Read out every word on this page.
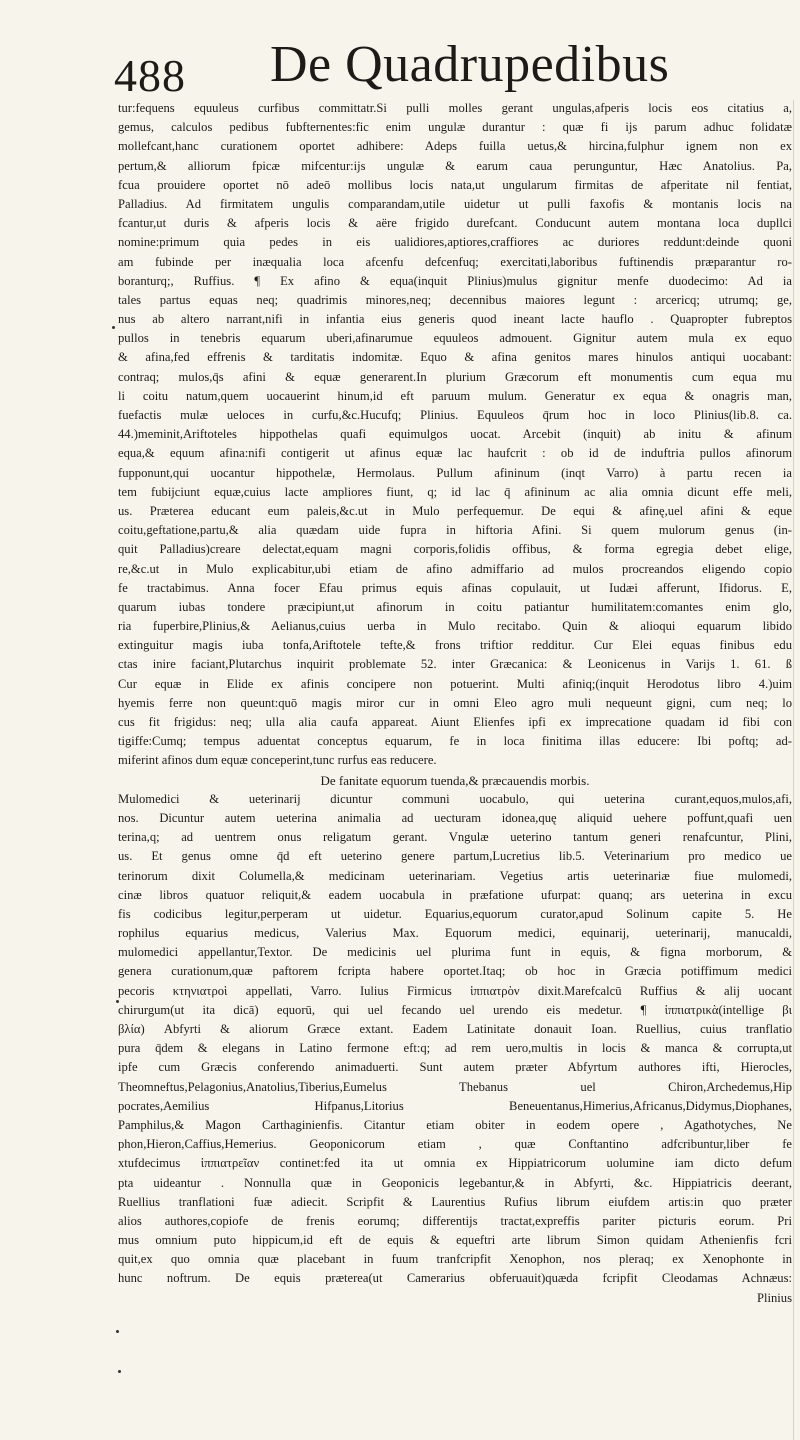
488 De Quadrupedibus
tur:fequens equuleus curfibus committatr.Si pulli molles gerant ungulas,afperis locis eos citatius a,
gemus, calculos pedibus fubfternentes:fic enim ungulæ durantur : quæ fi ijs parum adhuc folidatæ
mollefcant,hanc curationem oportet adhibere: Adeps fuilla uetus,& hircina,fulphur ignem non ex
pertum,& alliorum fpicæ mifcentur:ijs ungulæ & earum caua perunguntur, Hæc Anatolius. Pa,
fcua prouidere oportet nō adeō mollibus locis nata,ut ungularum firmitas de afperitate nil fentiat,
Palladius. Ad firmitatem ungulis comparandam,utile uidetur ut pulli faxofis & montanis locis na
fcantur,ut duris & afperis locis & aëre frigido durefcant. Conducunt autem montana loca dupllci
nomine:primum quia pedes in eis ualidiores,aptiores,craffiores ac duriores reddunt:deinde quoni
am fubinde per inæqualia loca afcenfu defcenfuq; exercitati,laboribus fuftinendis præparantur ro-
boranturq;, Ruffius. ¶ Ex afino & equa(inquit Plinius)mulus gignitur menfe duodecimo: Ad ia
tales partus equas neq; quadrimis minores,neq; decennibus maiores legunt : arcericq; utrumq; ge,
nus ab altero narrant,nifi in infantia eius generis quod ineant lacte hauflo . Quapropter fubreptos
pullos in tenebris equarum uberi,afinarumue equuleos admouent. Gignitur autem mula ex equo
& afina,fed effrenis & tarditatis indomitæ. Equo & afina genitos mares hinulos antiqui uocabant:
contraq; mulos,q̄s afini & equæ generarent.In plurium Græcorum eft monumentis cum equa mu
li coitu natum,quem uocauerint hinum,id eft paruum mulum. Generatur ex equa & onagris man,
fuefactis mulæ ueloces in curfu,&c.Hucufq; Plinius. Equuleos q̄rum hoc in loco Plinius(lib.8. ca.
44.)meminit,Ariftoteles hippothelas quafi equimulgos uocat. Arcebit (inquit) ab initu & afinum
equa,& equum afina:nifi contigerit ut afinus equæ lac haufcrit : ob id de induftria pullos afinorum
fupponunt,qui uocantur hippothelæ, Hermolaus. Pullum afininum (inqt Varro) à partu recen ia
tem fubijciunt equæ,cuius lacte ampliores fiunt, q; id lac q̄ afininum ac alia omnia dicunt effe meli,
us. Præterea educant eum paleis,&c.ut in Mulo perfequemur. De equi & afinę,uel afini & eque
coitu,geftatione,partu,& alia quædam uide fupra in hiftoria Afini. Si quem mulorum genus (in-
quit Palladius)creare delectat,equam magni corporis,folidis offibus, & forma egregia debet elige,
re,&c.ut in Mulo explicabitur,ubi etiam de afino admiffario ad mulos procreandos eligendo copio
fe tractabimus. Anna focer Efau primus equis afinas copulauit, ut Iudæi afferunt, Ifidorus. E,
quarum iubas tondere præcipiunt,ut afinorum in coitu patiantur humilitatem:comantes enim glo,
ria fuperbire,Plinius,& Aelianus,cuius uerba in Mulo recitabo. Quin & alioqui equarum libido
extinguitur magis iuba tonfa,Ariftotele tefte,& frons triftior redditur. Cur Elei equas finibus edu
ctas inire faciant,Plutarchus inquirit problemate 52. inter Græcanica: & Leonicenus in Varijs 1. 61. ß
Cur equæ in Elide ex afinis concipere non potuerint. Multi afiniq;(inquit Herodotus libro 4.)uim
hyemis ferre non queunt:quō magis miror cur in omni Eleo agro muli nequeunt gigni, cum neq; lo
cus fit frigidus: neq; ulla alia caufa appareat. Aiunt Elienfes ipfi ex imprecatione quadam id fibi con
tigiffe:Cumq; tempus aduentat conceptus equarum, fe in loca finitima illas educere: Ibi poftq; ad-
miferint afinos dum equæ conceperint,tunc rurfus eas reducere.
De fanitate equorum tuenda,& præcauendis morbis.
Mulomedici & ueterinarij dicuntur communi uocabulo, qui ueterina curant,equos,mulos,afi,
nos. Dicuntur autem ueterina animalia ad uecturam idonea,quę aliquid uehere poffunt,quafi uen
terina,q; ad uentrem onus religatum gerant. Vngulæ ueterino tantum generi renafcuntur, Plini,
us. Et genus omne q̄d eft ueterino genere partum,Lucretius lib.5. Veterinarium pro medico ue
terinorum dixit Columella,& medicinam ueterinariam. Vegetius artis ueterinariæ fiue mulomedi,
cinæ libros quatuor reliquit,& eadem uocabula in præfatione ufurpat: quanq; ars ueterina in excu
fis codicibus legitur,perperam ut uidetur. Equarius,equorum curator,apud Solinum capite 5. He
rophilus equarius medicus, Valerius Max. Equorum medici, equinarij, ueterinarij, manucaldi,
mulomedici appellantur,Textor. De medicinis uel plurima funt in equis, & figna morborum, &
genera curationum,quæ paftorem fcripta habere oportet.Itaq; ob hoc in Græcia potiffimum medici
pecoris κτηνιατροὶ appellati, Varro. Iulius Firmicus ἱππιατρὸν dixit.Marefcalcū Ruffius & alij uocant
chirurgum(ut ita dicā) equorū, qui uel fecando uel urendo eis medetur. ¶ ἱππιατρικὰ(intellige βι
βλία) Abfyrti & aliorum Græce extant. Eadem Latinitate donauit Ioan. Ruellius, cuius tranflatio
pura q̄dem & elegans in Latino fermone eft:q; ad rem uero,multis in locis & manca & corrupta,ut
ipfe cum Græcis conferendo animaduerti. Sunt autem præter Abfyrtum authores ifti, Hierocles,
Theomneftus,Pelagonius,Anatolius,Tiberius,Eumelus Thebanus uel Chiron,Archedemus,Hip
pocrates,Aemilius Hifpanus,Litorius Beneuentanus,Himerius,Africanus,Didymus,Diophanes,
Pamphilus,& Magon Carthaginienfis. Citantur etiam obiter in eodem opere , Agathotyches, Ne
phon,Hieron,Caffius,Hemerius. Geoponicorum etiam , quæ Conftantino adfcribuntur,liber fe
xtufdecimus ἱππιατρεῖαν continet:fed ita ut omnia ex Hippiatricorum uolumine iam dicto defum
pta uideantur . Nonnulla quæ in Geoponicis legebantur,& in Abfyrti, &c. Hippiatricis deerant,
Ruellius tranflationi fuæ adiecit. Scripfit & Laurentius Rufius librum eiufdem artis:in quo præter
alios authores,copiofe de frenis eorumq; differentijs tractat,expreffis pariter picturis eorum. Pri
mus omnium puto hippicum,id eft de equis & equeftri arte librum Simon quidam Athenienfis fcri
quit,ex quo omnia quæ placebant in fuum tranfcripfit Xenophon, nos pleraq; ex Xenophonte in
hunc noftrum. De equis præterea(ut Camerarius obferuauit)quæda fcripfit Cleodamas Achnæus:
Plinius
